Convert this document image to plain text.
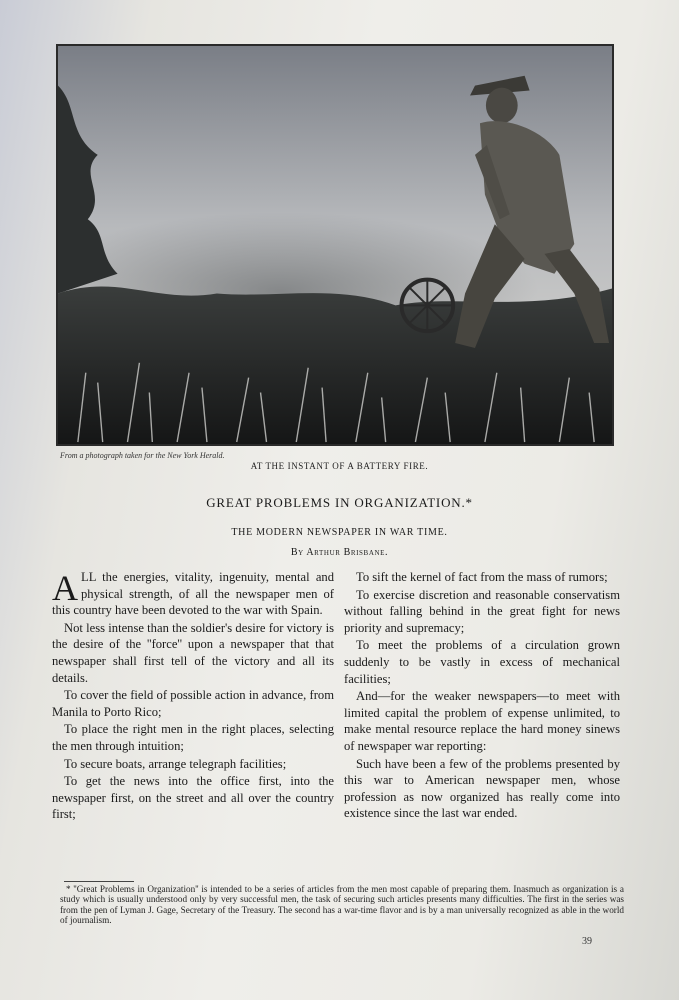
From a photograph taken for the New York Herald.
AT THE INSTANT OF A BATTERY FIRE.
GREAT PROBLEMS IN ORGANIZATION.*
THE MODERN NEWSPAPER IN WAR TIME.
By Arthur Brisbane.

ALL the energies, vitality, ingenuity, mental and physical strength, of all the newspaper men of this country have been devoted to the war with Spain.

Not less intense than the soldier's desire for victory is the desire of the ''force'' upon a newspaper that that newspaper shall first tell of the victory and all its details.

To cover the field of possible action in advance, from Manila to Porto Rico;

To place the right men in the right places, selecting the men through intuition;

To secure boats, arrange telegraph facilities;

To get the news into the office first, into the newspaper first, on the street and all over the country first;

To sift the kernel of fact from the mass of rumors;

To exercise discretion and reasonable conservatism without falling behind in the great fight for news priority and supremacy;

To meet the problems of a circulation grown suddenly to be vastly in excess of mechanical facilities;

And—for the weaker newspapers—to meet with limited capital the problem of expense unlimited, to make mental resource replace the hard money sinews of newspaper war reporting:

Such have been a few of the problems presented by this war to American newspaper men, whose profession as now organized has really come into existence since the last war ended.

* ''Great Problems in Organization'' is intended to be a series of articles from the men most capable of preparing them. Inasmuch as organization is a study which is usually understood only by very successful men, the task of securing such articles presents many difficulties. The first in the series was from the pen of Lyman J. Gage, Secretary of the Treasury. The second has a war-time flavor and is by a man universally recognized as able in the world of journalism.

39
